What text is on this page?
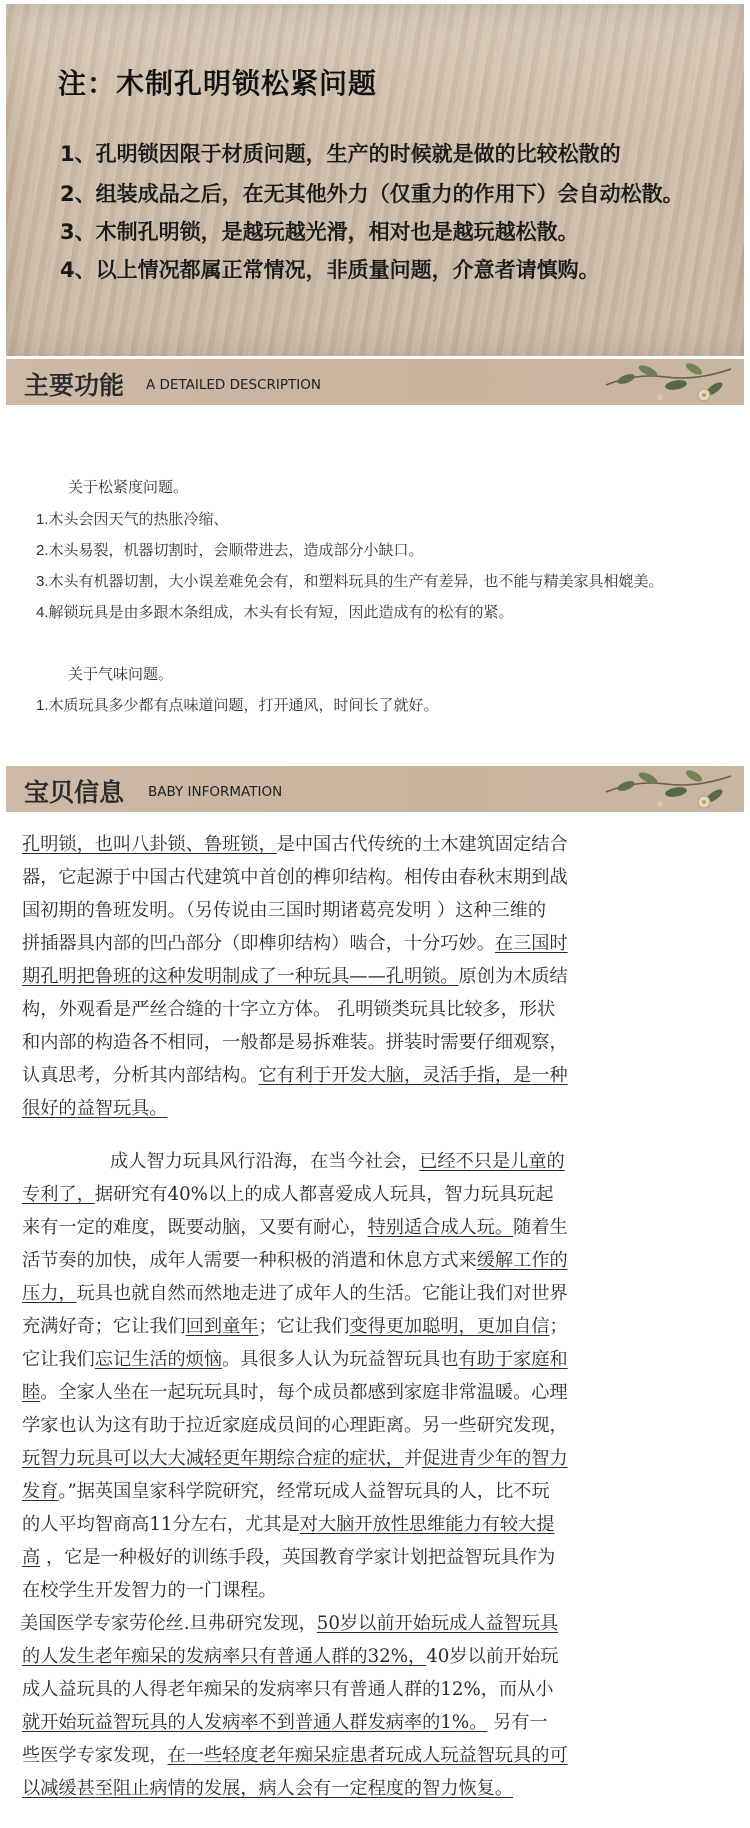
注：木制孔明锁松紧问题
1、孔明锁因限于材质问题，生产的时候就是做的比较松散的
2、组装成品之后，在无其他外力（仅重力的作用下）会自动松散。
3、木制孔明锁，是越玩越光滑，相对也是越玩越松散。
4、以上情况都属正常情况，非质量问题，介意者请慎购。
主要功能 A DETAILED DESCRIPTION
关于松紧度问题。
1.木头会因天气的热胀冷缩、
2.木头易裂，机器切割时，会顺带进去，造成部分小缺口。
3.木头有机器切割，大小误差难免会有，和塑料玩具的生产有差异，也不能与精美家具相媲美。
4.解锁玩具是由多跟木条组成，木头有长有短，因此造成有的松有的紧。
关于气味问题。
1.木质玩具多少都有点味道问题，打开通风，时间长了就好。
宝贝信息 BABY INFORMATION
孔明锁，也叫八卦锁、鲁班锁，是中国古代传统的土木建筑固定结合
器，它起源于中国古代建筑中首创的榫卯结构。相传由春秋末期到战
国初期的鲁班发明。（另传说由三国时期诸葛亮发明 ）这种三维的
拼插器具内部的凹凸部分（即榫卯结构）啮合，十分巧妙。在三国时
期孔明把鲁班的这种发明制成了一种玩具——孔明锁。原创为木质结
构，外观看是严丝合缝的十字立方体。 孔明锁类玩具比较多，形状
和内部的构造各不相同，一般都是易拆难装。拼装时需要仔细观察，
认真思考，分析其内部结构。它有利于开发大脑，灵活手指，是一种
很好的益智玩具。
成人智力玩具风行沿海，在当今社会，已经不只是儿童的
专利了，据研究有40%以上的成人都喜爱成人玩具，智力玩具玩起
来有一定的难度，既要动脑，又要有耐心，特别适合成人玩。随着生
活节奏的加快，成年人需要一种积极的消遣和休息方式来缓解工作的
压力，玩具也就自然而然地走进了成年人的生活。它能让我们对世界
充满好奇；它让我们回到童年；它让我们变得更加聪明，更加自信；
它让我们忘记生活的烦恼。具很多人认为玩益智玩具也有助于家庭和
睦。全家人坐在一起玩玩具时，每个成员都感到家庭非常温暖。心理
学家也认为这有助于拉近家庭成员间的心理距离。另一些研究发现，
玩智力玩具可以大大减轻更年期综合症的症状，并促进青少年的智力
发育。”据英国皇家科学院研究，经常玩成人益智玩具的人，比不玩
的人平均智商高11分左右，尤其是对大脑开放性思维能力有较大提
高 ，它是一种极好的训练手段，英国教育学家计划把益智玩具作为
在校学生开发智力的一门课程。
美国医学专家劳伦丝.旦弗研究发现，50岁以前开始玩成人益智玩具
的人发生老年痴呆的发病率只有普通人群的32%，40岁以前开始玩
成人益玩具的人得老年痴呆的发病率只有普通人群的12%，而从小
就开始玩益智玩具的人发病率不到普通人群发病率的1%。 另有一
些医学专家发现，在一些轻度老年痴呆症患者玩成人玩益智玩具的可
以减缓甚至阻止病情的发展，病人会有一定程度的智力恢复。
